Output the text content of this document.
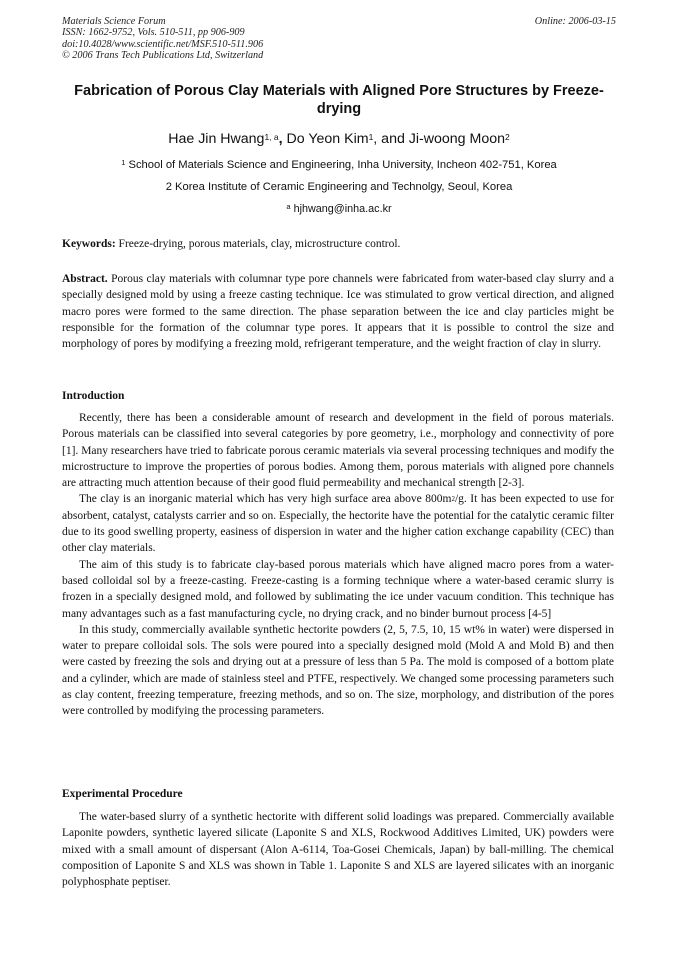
Materials Science Forum
ISSN: 1662-9752, Vols. 510-511, pp 906-909
doi:10.4028/www.scientific.net/MSF.510-511.906
© 2006 Trans Tech Publications Ltd, Switzerland
Online: 2006-03-15
Fabrication of Porous Clay Materials with Aligned Pore Structures by Freeze-drying
Hae Jin Hwang$^{1, a}$, Do Yeon Kim$^1$, and Ji-woong Moon$^2$
$^1$ School of Materials Science and Engineering, Inha University, Incheon 402-751, Korea
2 Korea Institute of Ceramic Engineering and Technolgy, Seoul, Korea
$^a$ hjhwang@inha.ac.kr

Keywords: Freeze-drying, porous materials, clay, microstructure control.

Abstract. Porous clay materials with columnar type pore channels were fabricated from water-based clay slurry and a specially designed mold by using a freeze casting technique. Ice was stimulated to grow vertical direction, and aligned macro pores were formed to the same direction. The phase separation between the ice and clay particles might be responsible for the formation of the columnar type pores. It appears that it is possible to control the size and morphology of pores by modifying a freezing mold, refrigerant temperature, and the weight fraction of clay in slurry.

Introduction

Recently, there has been a considerable amount of research and development in the field of porous materials. Porous materials can be classified into several categories by pore geometry, i.e., morphology and connectivity of pore [1]. Many researchers have tried to fabricate porous ceramic materials via several processing techniques and modify the microstructure to improve the properties of porous bodies. Among them, porous materials with aligned pore channels are attracting much attention because of their good fluid permeability and mechanical strength [2-3].

The clay is an inorganic material which has very high surface area above $800m^2/g$. It has been expected to use for absorbent, catalyst, catalysts carrier and so on. Especially, the hectorite have the potential for the catalytic ceramic filter due to its good swelling property, easiness of dispersion in water and the higher cation exchange capability (CEC) than other clay materials.

The aim of this study is to fabricate clay-based porous materials which have aligned macro pores from a water-based colloidal sol by a freeze-casting. Freeze-casting is a forming technique where a water-based ceramic slurry is frozen in a specially designed mold, and followed by sublimating the ice under vacuum condition. This technique has many advantages such as a fast manufacturing cycle, no drying crack, and no binder burnout process [4-5]

In this study, commercially available synthetic hectorite powders (2, 5, 7.5, 10, 15 wt% in water) were dispersed in water to prepare colloidal sols. The sols were poured into a specially designed mold (Mold A and Mold B) and then were casted by freezing the sols and drying out at a pressure of less than 5 Pa. The mold is composed of a bottom plate and a cylinder, which are made of stainless steel and PTFE, respectively. We changed some processing parameters such as clay content, freezing temperature, freezing methods, and so on. The size, morphology, and distribution of the pores were controlled by modifying the processing parameters.

Experimental Procedure

The water-based slurry of a synthetic hectorite with different solid loadings was prepared. Commercially available Laponite powders, synthetic layered silicate (Laponite S and XLS, Rockwood Additives Limited, UK) powders were mixed with a small amount of dispersant (Alon A-6114, Toa-Gosei Chemicals, Japan) by ball-milling. The chemical composition of Laponite S and XLS was shown in Table 1. Laponite S and XLS are layered silicates with an inorganic polyphosphate peptiser.
